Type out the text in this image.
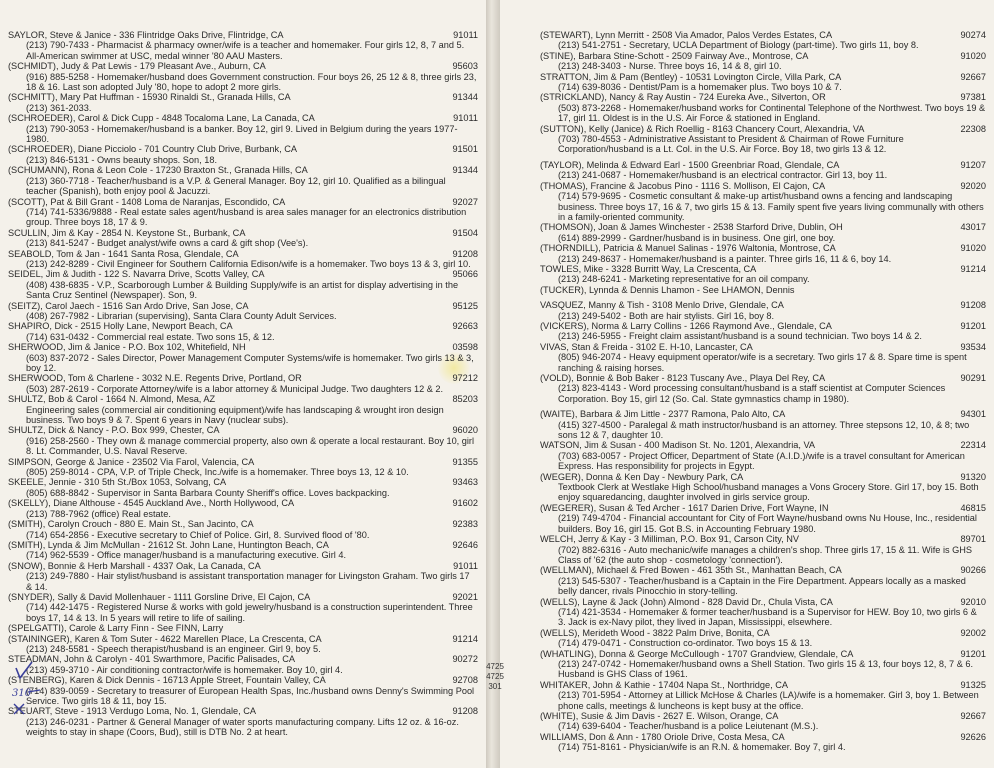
SAYLOR, Steve & Janice - 336 Flintridge Oaks Drive, Flintridge, CA	91011
(213) 790-7433 - Pharmacist & pharmacy owner/wife is a teacher and homemaker. Four girls 12, 8, 7 and 5. All-American swimmer at USC, medal winner '80 AAU Masters.
(SCHMIDT), Judy & Pat Lewis - 179 Pleasant Ave., Auburn, CA	95603
(916) 885-5258 - Homemaker/husband does Government construction. Four boys 26, 25 12 & 8, three girls 23, 18 & 16. Last son adopted July '80, hope to adopt 2 more girls.
(SCHMITT), Mary Pat Huffman - 15930 Rinaldi St., Granada Hills, CA	91344
(213) 361-2033.
(SCHROEDER), Carol & Dick Cupp - 4848 Tocaloma Lane, La Canada, CA	91011
(213) 790-3053 - Homemaker/husband is a banker. Boy 12, girl 9. Lived in Belgium during the years 1977-1980.
(SCHROEDER), Diane Picciolo - 701 Country Club Drive, Burbank, CA	91501
(213) 846-5131 - Owns beauty shops. Son, 18.
(SCHUMANN), Rona & Leon Cole - 17230 Braxton St., Granada Hills, CA	91344
(213) 360-7718 - Teacher/husband is a V.P. & General Manager. Boy 12, girl 10. Qualified as a bilingual teacher (Spanish), both enjoy pool & Jacuzzi.
(SCOTT), Pat & Bill Grant - 1408 Loma de Naranjas, Escondido, CA	92027
(714) 741-5336/9888 - Real estate sales agent/husband is area sales manager for an electronics distribution group. Three boys 18, 17 & 9.
SCULLIN, Jim & Kay - 2854 N. Keystone St., Burbank, CA	91504
(213) 841-5247 - Budget analyst/wife owns a card & gift shop (Vee's).
SEABOLD, Tom & Jan - 1641 Santa Rosa, Glendale, CA	91208
(213) 242-8289 - Civil Engineer for Southern California Edison/wife is a homemaker. Two boys 13 & 3, girl 10.
SEIDEL, Jim & Judith - 122 S. Navarra Drive, Scotts Valley, CA	95066
(408) 438-6835 - V.P., Scarborough Lumber & Building Supply/wife is an artist for display advertising in the Santa Cruz Sentinel (Newspaper). Son, 9.
(SEITZ), Carol Jaech - 1516 San Ardo Drive, San Jose, CA	95125
(408) 267-7982 - Librarian (supervising), Santa Clara County Adult Services.
SHAPIRO, Dick - 2515 Holly Lane, Newport Beach, CA	92663
(714) 631-0432 - Commercial real estate. Two sons 15, & 12.
SHERWOOD, Jim & Janice - P.O. Box 102, Whitefield, NH	03598
(603) 837-2072 - Sales Director, Power Management Computer Systems/wife is homemaker. Two girls 13 & 3, boy 12.
SHERWOOD, Tom & Charlene - 3032 N.E. Regents Drive, Portland, OR	97212
(503) 287-2619 - Corporate Attorney/wife is a labor attorney & Municipal Judge. Two daughters 12 & 2.
SHULTZ, Bob & Carol - 1664 N. Almond, Mesa, AZ	85203
Engineering sales (commercial air conditioning equipment)/wife has landscaping & wrought iron design business. Two boys 9 & 7. Spent 6 years in Navy (nuclear subs).
SHULTZ, Dick & Nancy - P.O. Box 999, Chester, CA	96020
(916) 258-2560 - They own & manage commercial property, also own & operate a local restaurant. Boy 10, girl 8. Lt. Commander, U.S. Naval Reserve.
SIMPSON, George & Janice - 23502 Via Farol, Valencia, CA	91355
(805) 259-8014 - CPA, V.P. of Triple Check, Inc./wife is a homemaker. Three boys 13, 12 & 10.
SKEELE, Jennie - 310 5th St./Box 1053, Solvang, CA	93463
(805) 688-8842 - Supervisor in Santa Barbara County Sheriff's office. Loves backpacking.
(SKELLY), Diane Althouse - 4545 Auckland Ave., North Hollywood, CA	91602
(213) 788-7962 (office) Real estate.
(SMITH), Carolyn Crouch - 880 E. Main St., San Jacinto, CA	92383
(714) 654-2856 - Executive secretary to Chief of Police. Girl, 8. Survived flood of '80.
(SMITH), Lynda & Jim McMullan - 21612 St. John Lane, Huntington Beach, CA	92646
(714) 962-5539 - Office manager/husband is a manufacturing executive. Girl 4.
(SNOW), Bonnie & Herb Marshall - 4337 Oak, La Canada, CA	91011
(213) 249-7880 - Hair stylist/husband is assistant transportation manager for Livingston Graham. Two girls 17 & 14.
(SNYDER), Sally & David Mollenhauer - 1111 Gorsline Drive, El Cajon, CA	92021
(714) 442-1475 - Registered Nurse & works with gold jewelry/husband is a construction superintendent. Three boys 17, 14 & 13. In 5 years will retire to life of sailing.
(SPELGATTI), Carole & Larry Finn - See FINN, Larry
(STAININGER), Karen & Tom Suter - 4622 Marellen Place, La Crescenta, CA	91214
(213) 248-5581 - Speech therapist/husband is an engineer. Girl 9, boy 5.
STEADMAN, John & Carolyn - 401 Swarthmore, Pacific Palisades, CA	90272
(213) 459-3710 - Air conditioning contractor/wife is homemaker. Boy 10, girl 4.
(STENBERG), Karen & Dick Dennis - 16713 Apple Street, Fountain Valley, CA	92708
(714) 839-0059 - Secretary to treasurer of European Health Spas, Inc./husband owns Denny's Swimming Pool Service. Two girls 18 & 11, boy 15.
STEUART, Steve - 1913 Verdugo Loma, No. 1, Glendale, CA	91208
(213) 246-0231 - Partner & General Manager of water sports manufacturing company. Lifts 12 oz. & 16-oz. weights to stay in shape (Coors, Bud), still is DTB No. 2 at heart.
(STEWART), Lynn Merritt - 2508 Via Amador, Palos Verdes Estates, CA	90274
(213) 541-2751 - Secretary, UCLA Department of Biology (part-time). Two girls 11, boy 8.
(STINE), Barbara Stine-Schott - 2509 Fairway Ave., Montrose, CA	91020
(213) 248-3403 - Nurse. Three boys 16, 14 & 8, girl 10.
STRATTON, Jim & Pam (Bentley) - 10531 Lovington Circle, Villa Park, CA	92667
(714) 639-8036 - Dentist/Pam is a homemaker plus. Two boys 10 & 7.
(STRICKLAND), Nancy & Ray Austin - 724 Eureka Ave., Silverton, OR	97381
(503) 873-2268 - Homemaker/husband works for Continental Telephone of the Northwest. Two boys 19 & 17, girl 11. Oldest is in the U.S. Air Force & stationed in England.
(SUTTON), Kelly (Janice) & Rich Roellig - 8163 Chancery Court, Alexandria, VA	22308
(703) 780-4553 - Administrative Assistant to President & Chairman of Rowe Furniture Corporation/husband is a Lt. Col. in the U.S. Air Force. Boy 18, two girls 13 & 12.
(TAYLOR), Melinda & Edward Earl - 1500 Greenbriar Road, Glendale, CA	91207
(213) 241-0687 - Homemaker/husband is an electrical contractor. Girl 13, boy 11.
(THOMAS), Francine & Jacobus Pino - 1116 S. Mollison, El Cajon, CA	92020
(714) 579-9695 - Cosmetic consultant & make-up artist/husband owns a fencing and landscaping business. Three boys 17, 16 & 7, two girls 15 & 13. Family spent five years living communally with others in a family-oriented community.
(THOMSON), Joan & James Winchester - 2538 Starford Drive, Dublin, OH	43017
(614) 889-2999 - Gardner/husband is in business. One girl, one boy.
(THORNDILL), Patricia & Manuel Salinas - 1976 Waltonia, Montrose, CA	91020
(213) 249-8637 - Homemaker/husband is a painter. Three girls 16, 11 & 6, boy 14.
TOWLES, Mike - 3328 Burritt Way, La Crescenta, CA	91214
(213) 248-6241 - Marketing representative for an oil company.
(TUCKER), Lynnda & Dennis Lhamon - See LHAMON, Dennis
VASQUEZ, Manny & Tish - 3108 Menlo Drive, Glendale, CA	91208
(213) 249-5402 - Both are hair stylists. Girl 16, boy 8.
(VICKERS), Norma & Larry Collins - 1266 Raymond Ave., Glendale, CA	91201
(213) 246-5955 - Freight claim assistant/husband is a sound technician. Two boys 14 & 2.
VIVAS, Stan & Freida - 3102 E. H-10, Lancaster, CA	93534
(805) 946-2074 - Heavy equipment operator/wife is a secretary. Two girls 17 & 8. Spare time is spent ranching & raising horses.
(VOLD), Bonnie & Bob Baker - 8123 Tuscany Ave., Playa Del Rey, CA	90291
(213) 823-4143 - Word processing consultant/husband is a staff scientist at Computer Sciences Corporation. Boy 15, girl 12 (So. Cal. State gymnastics champ in 1980).
(WAITE), Barbara & Jim Little - 2377 Ramona, Palo Alto, CA	94301
(415) 327-4500 - Paralegal & math instructor/husband is an attorney. Three stepsons 12, 10, & 8; two sons 12 & 7, daughter 10.
WATSON, Jim & Susan - 400 Madison St. No. 1201, Alexandria, VA	22314
(703) 683-0057 - Project Officer, Department of State (A.I.D.)/wife is a travel consultant for American Express. Has responsibility for projects in Egypt.
(WEGER), Donna & Ken Day - Newbury Park, CA	91320
Textbook Clerk at Westlake High School/husband manages a Vons Grocery Store. Girl 17, boy 15. Both enjoy squaredancing, daughter involved in girls service group.
(WEGERER), Susan & Ted Archer - 1617 Darien Drive, Fort Wayne, IN	46815
(219) 749-4704 - Financial accountant for City of Fort Wayne/husband owns Nu House, Inc., residential builders. Boy 16, girl 15. Got B.S. in Accounting February 1980.
WELCH, Jerry & Kay - 3 Milliman, P.O. Box 91, Carson City, NV	89701
(702) 882-6316 - Auto mechanic/wife manages a children's shop. Three girls 17, 15 & 11. Wife is GHS Class of '62 (the auto shop - cosmetology 'connection').
(WELLMAN), Michael & Fred Bowen - 461 35th St., Manhattan Beach, CA	90266
(213) 545-5307 - Teacher/husband is a Captain in the Fire Department. Appears locally as a masked belly dancer, rivals Pinocchio in story-telling.
(WELLS), Layne & Jack (John) Almond - 828 David Dr., Chula Vista, CA	92010
(714) 421-3534 - Homemaker & former teacher/husband is a Supervisor for HEW. Boy 10, two girls 6 & 3. Jack is ex-Navy pilot, they lived in Japan, Mississippi, elsewhere.
(WELLS), Merideth Wood - 3822 Palm Drive, Bonita, CA	92002
(714) 479-0471 - Construction co-ordinator. Two boys 15 & 13.
(WHATLING), Donna & George McCullough - 1707 Grandview, Glendale, CA	91201
(213) 247-0742 - Homemaker/husband owns a Shell Station. Two girls 15 & 13, four boys 12, 8, 7 & 6. Husband is GHS Class of 1961.
WHITAKER, John & Kathie - 17404 Napa St., Northridge, CA	91325
(213) 701-5954 - Attorney at Lillick McHose & Charles (LA)/wife is a homemaker. Girl 3, boy 1. Between phone calls, meetings & luncheons is kept busy at the office.
(WHITE), Susie & Jim Davis - 2627 E. Wilson, Orange, CA	92667
(714) 639-6404 - Teacher/husband is a police Leiutenant (M.S.).
WILLIAMS, Don & Ann - 1780 Oriole Drive, Costa Mesa, CA	92626
(714) 751-8161 - Physician/wife is an R.N. & homemaker. Boy 7, girl 4.
310
4725
4725
301
